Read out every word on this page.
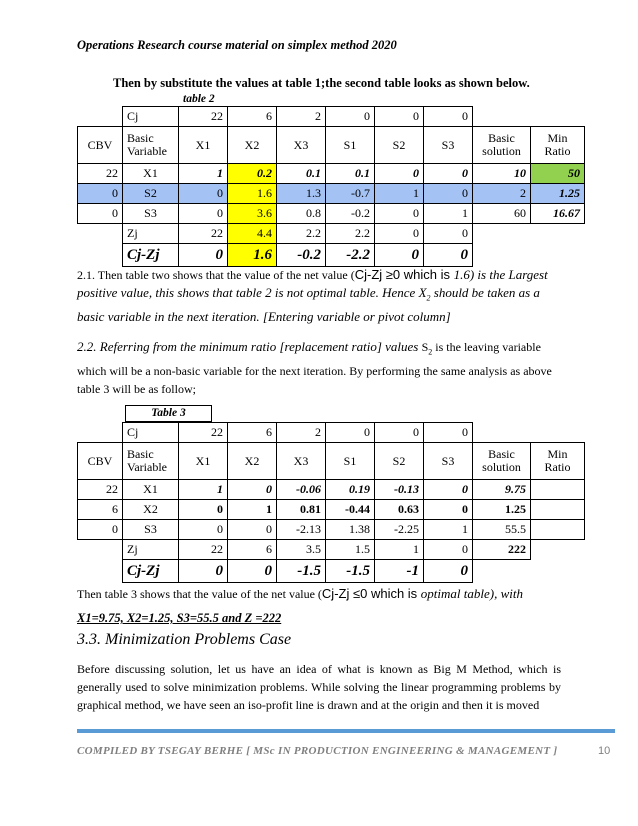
Operations Research course material on simplex method 2020
Then by substitute the values at table 1;the second table looks as shown below.
table 2
	Cj	22	6	2	0	0	0		
CBV	Basic Variable	X1	X2	X3	S1	S2	S3	Basic solution	Min Ratio
22	X1	1	0.2	0.1	0.1	0	0	10	50
0	S2	0	1.6	1.3	-0.7	1	0	2	1.25
0	S3	0	3.6	0.8	-0.2	0	1	60	16.67
	Zj	22	4.4	2.2	2.2	0	0		
	Cj-Zj	0	1.6	-0.2	-2.2	0	0		
2.1. Then table two shows that the value of the net value (Cj-Zj ≥0 which is 1.6) is the Largest positive value, this shows that table 2 is not optimal table. Hence $X_2$ should be taken as a basic variable in the next iteration. [Entering variable or pivot column]
2.2. Referring from the minimum ratio [replacement ratio] values $S_2$ is the leaving variable which will be a non-basic variable for the next iteration. By performing the same analysis as above table 3 will be as follow;
Table 3
	Cj	22	6	2	0	0	0		
CBV	Basic Variable	X1	X2	X3	S1	S2	S3	Basic solution	Min Ratio
22	X1	1	0	-0.06	0.19	-0.13	0	9.75	
6	X2	0	1	0.81	-0.44	0.63	0	1.25	
0	S3	0	0	-2.13	1.38	-2.25	1	55.5	
	Zj	22	6	3.5	1.5	1	0	222	
	Cj-Zj	0	0	-1.5	-1.5	-1	0		
Then table 3 shows that the value of the net value (Cj-Zj ≤0 which is optimal table), with
X1=9.75, X2=1.25, S3=55.5 and Z =222
3.3. Minimization Problems Case
Before discussing solution, let us have an idea of what is known as Big M Method, which is generally used to solve minimization problems. While solving the linear programming problems by graphical method, we have seen an iso-profit line is drawn and at the origin and then it is moved
COMPILED BY TSEGAY BERHE [ MSc IN PRODUCTION ENGINEERING & MANAGEMENT ]	10
